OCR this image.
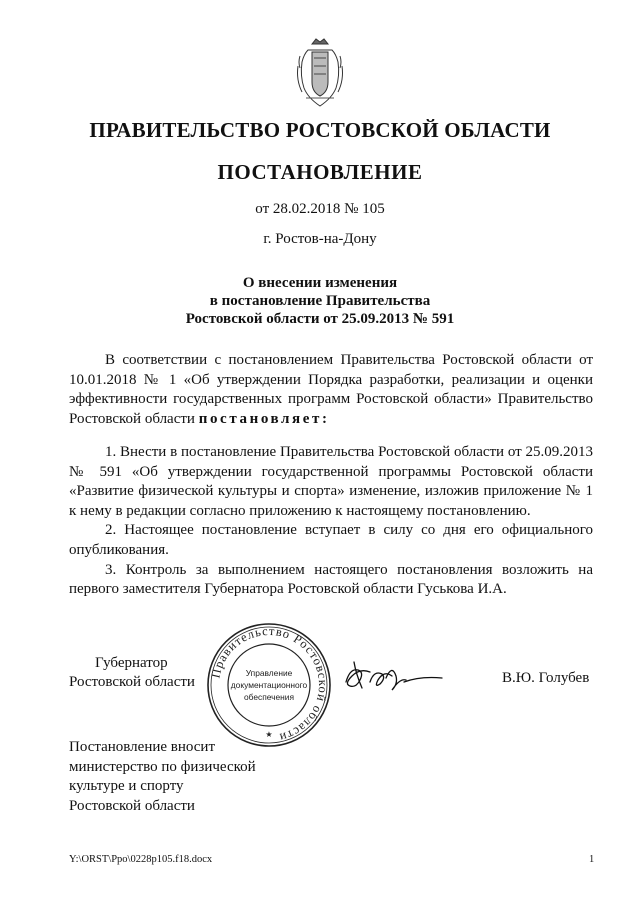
ПРАВИТЕЛЬСТВО РОСТОВСКОЙ ОБЛАСТИ
ПОСТАНОВЛЕНИЕ
от 28.02.2018 № 105
г. Ростов-на-Дону
О внесении изменения
в постановление Правительства
Ростовской области от 25.09.2013 № 591

В соответствии с постановлением Правительства Ростовской области от 10.01.2018 № 1 «Об утверждении Порядка разработки, реализации и оценки эффективности государственных программ Ростовской области» Правительство Ростовской области постановляет:

1. Внести в постановление Правительства Ростовской области от 25.09.2013 № 591 «Об утверждении государственной программы Ростовской области «Развитие физической культуры и спорта» изменение, изложив приложение № 1 к нему в редакции согласно приложению к настоящему постановлению.

2. Настоящее постановление вступает в силу со дня его официального опубликования.

3. Контроль за выполнением настоящего постановления возложить на первого заместителя Губернатора Ростовской области Гуськова И.А.

Губернатор
Ростовской области
Правительство Ростовской области
Управление
документационного
обеспечения
★
В.Ю. Голубев
Постановление вносит
министерство по физической
культуре и спорту
Ростовской области
Y:\ORST\Ppo\0228p105.f18.docx	1
